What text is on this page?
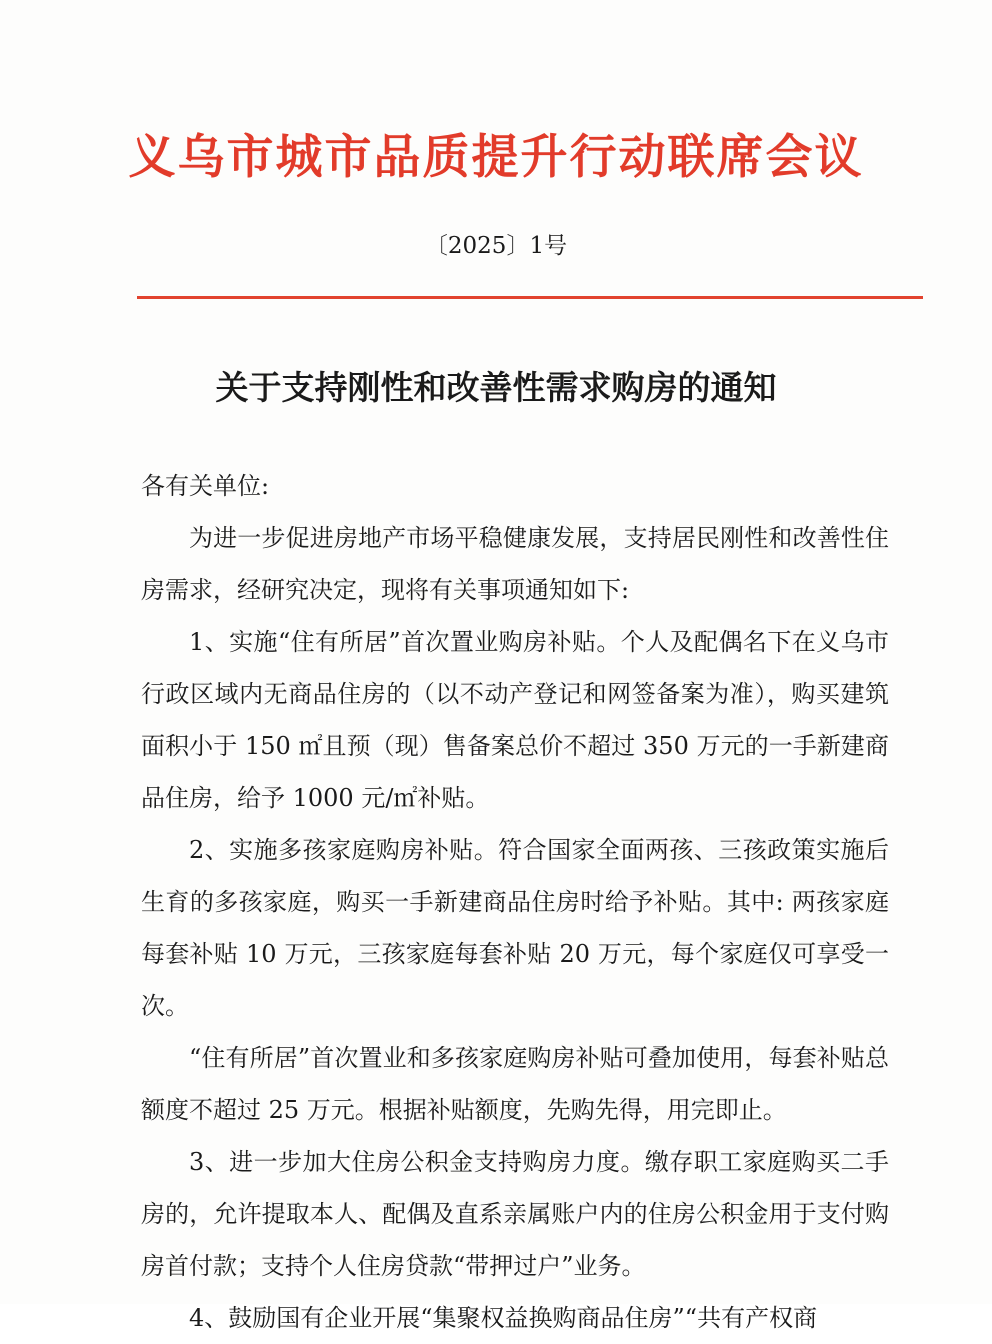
义乌市城市品质提升行动联席会议
〔2025〕1号
关于支持刚性和改善性需求购房的通知

各有关单位:

为进一步促进房地产市场平稳健康发展，支持居民刚性和改善性住房需求，经研究决定，现将有关事项通知如下:

1、实施“住有所居”首次置业购房补贴。个人及配偶名下在义乌市行政区域内无商品住房的（以不动产登记和网签备案为准），购买建筑面积小于 150 ㎡且预（现）售备案总价不超过 350 万元的一手新建商品住房，给予 1000 元/㎡补贴。

2、实施多孩家庭购房补贴。符合国家全面两孩、三孩政策实施后生育的多孩家庭，购买一手新建商品住房时给予补贴。其中: 两孩家庭每套补贴 10 万元，三孩家庭每套补贴 20 万元，每个家庭仅可享受一次。

“住有所居”首次置业和多孩家庭购房补贴可叠加使用，每套补贴总额度不超过 25 万元。根据补贴额度，先购先得，用完即止。

3、进一步加大住房公积金支持购房力度。缴存职工家庭购买二手房的，允许提取本人、配偶及直系亲属账户内的住房公积金用于支付购房首付款；支持个人住房贷款“带押过户”业务。

4、鼓励国有企业开展“集聚权益换购商品住房”“共有产权商
